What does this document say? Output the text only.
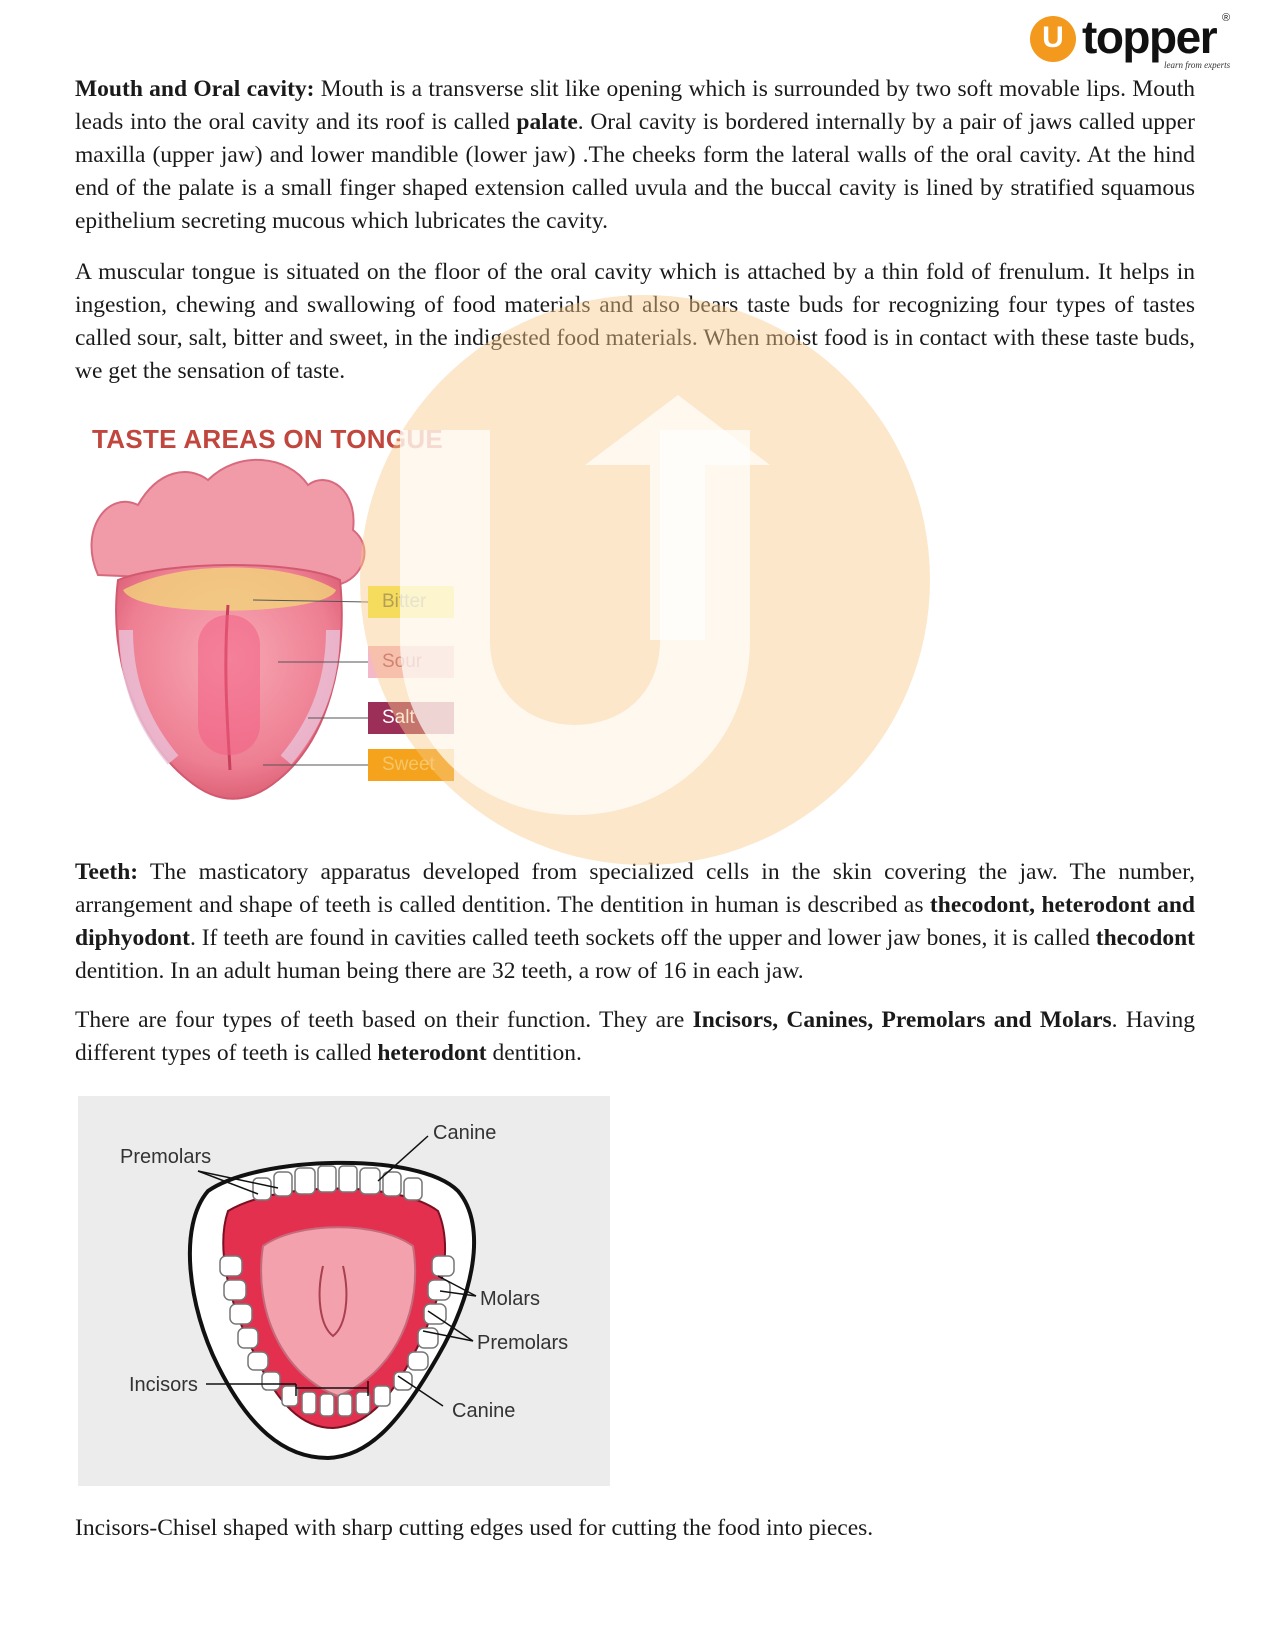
U topper ®
learn from experts

Mouth and Oral cavity: Mouth is a transverse slit like opening which is surrounded by two soft movable lips. Mouth leads into the oral cavity and its roof is called palate. Oral cavity is bordered internally by a pair of jaws called upper maxilla (upper jaw) and lower mandible (lower jaw) .The cheeks form the lateral walls of the oral cavity. At the hind end of the palate is a small finger shaped extension called uvula and the buccal cavity is lined by stratified squamous epithelium secreting mucous which lubricates the cavity.

A muscular tongue is situated on the floor of the oral cavity which is attached by a thin fold of frenulum. It helps in ingestion, chewing and swallowing of food materials and also bears taste buds for recognizing four types of tastes called sour, salt, bitter and sweet, in the indigested food materials. When moist food is in contact with these taste buds, we get the sensation of taste.

TASTE AREAS ON TONGUE
Bitter
Sour
Salt
Sweet

Teeth: The masticatory apparatus developed from specialized cells in the skin covering the jaw. The number, arrangement and shape of teeth is called dentition. The dentition in human is described as thecodont, heterodont and diphyodont. If teeth are found in cavities called teeth sockets off the upper and lower jaw bones, it is called thecodont dentition. In an adult human being there are 32 teeth, a row of 16 in each jaw.

There are four types of teeth based on their function. They are Incisors, Canines, Premolars and Molars. Having different types of teeth is called heterodont dentition.

Canine
Premolars
Molars
Premolars
Incisors
Canine

Incisors-Chisel shaped with sharp cutting edges used for cutting the food into pieces.
